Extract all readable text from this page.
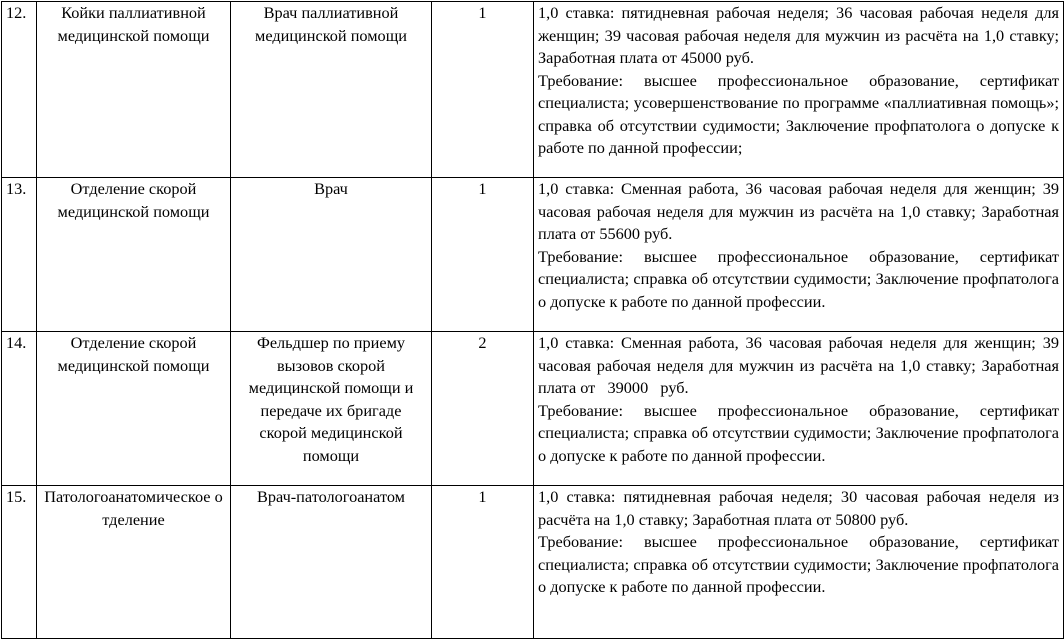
12.	Койки паллиативной медицинской помощи	Врач паллиативной медицинской помощи	1	1,0 ставка: пятидневная рабочая неделя; 36 часовая рабочая неделя для женщин; 39 часовая рабочая неделя для мужчин из расчёта на 1,0 ставку; Заработная плата от 45000 руб.

Требование: высшее профессиональное образование, сертификат специалиста; усовершенствование по программе «паллиативная помощь»; справка об отсутствии судимости; Заключение профпатолога о допуске к работе по данной профессии;

13.	Отделение скорой медицинской помощи	Врач	1	1,0 ставка: Сменная работа, 36 часовая рабочая неделя для женщин; 39 часовая рабочая неделя для мужчин из расчёта на 1,0 ставку; Заработная плата от 55600 руб.

Требование: высшее профессиональное образование, сертификат специалиста; справка об отсутствии судимости; Заключение профпатолога о допуске к работе по данной профессии.

14.	Отделение скорой медицинской помощи	Фельдшер по приему вызовов скорой медицинской помощи и передаче их бригаде скорой медицинской помощи	2	1,0 ставка: Сменная работа, 36 часовая рабочая неделя для женщин; 39 часовая рабочая неделя для мужчин из расчёта на 1,0 ставку; Заработная плата от   39000   руб.

Требование: высшее профессиональное образование, сертификат специалиста; справка об отсутствии судимости; Заключение профпатолога о допуске к работе по данной профессии.

15.	Патологоанатомическое отделение	Врач-патологоанатом	1	1,0 ставка: пятидневная рабочая неделя; 30 часовая рабочая неделя из расчёта на 1,0 ставку; Заработная плата от 50800 руб.

Требование: высшее профессиональное образование, сертификат специалиста; справка об отсутствии судимости; Заключение профпатолога о допуске к работе по данной профессии.
